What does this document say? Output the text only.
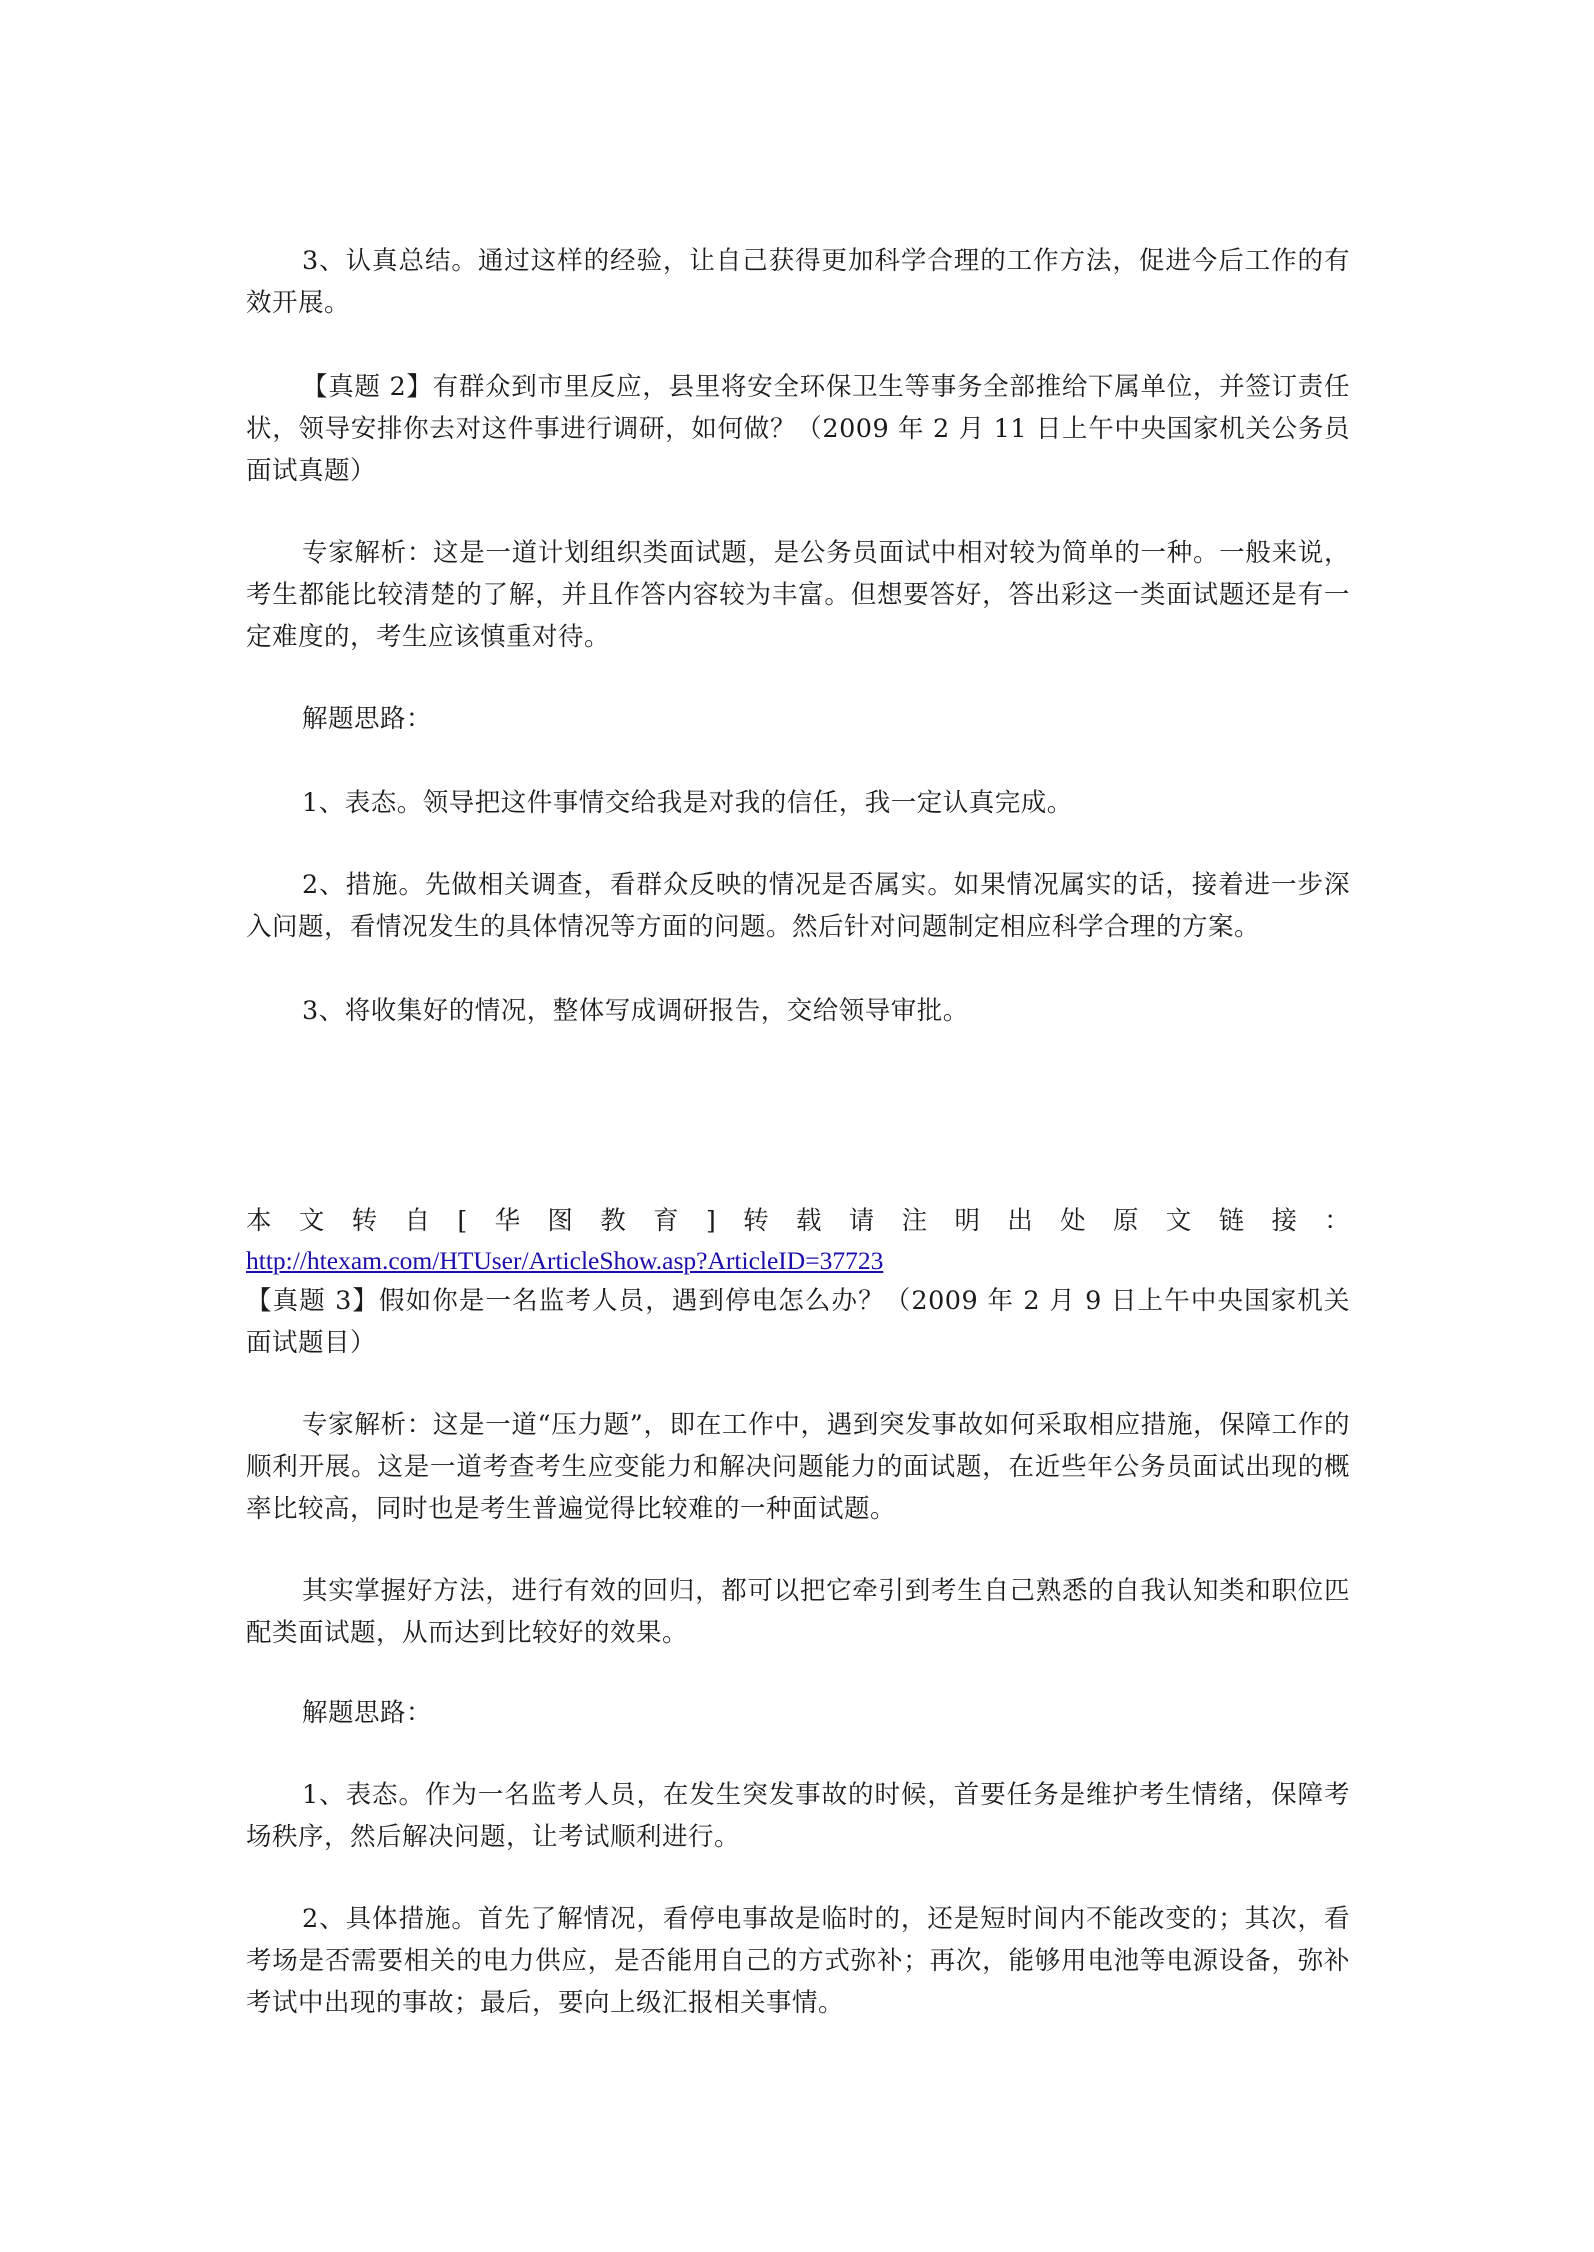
3、认真总结。通过这样的经验，让自己获得更加科学合理的工作方法，促进今后工作的有效开展。

【真题 2】有群众到市里反应，县里将安全环保卫生等事务全部推给下属单位，并签订责任状，领导安排你去对这件事进行调研，如何做？（2009 年 2 月 11 日上午中央国家机关公务员面试真题）

专家解析：这是一道计划组织类面试题，是公务员面试中相对较为简单的一种。一般来说，考生都能比较清楚的了解，并且作答内容较为丰富。但想要答好，答出彩这一类面试题还是有一定难度的，考生应该慎重对待。

解题思路：

1、表态。领导把这件事情交给我是对我的信任，我一定认真完成。

2、措施。先做相关调查，看群众反映的情况是否属实。如果情况属实的话，接着进一步深入问题，看情况发生的具体情况等方面的问题。然后针对问题制定相应科学合理的方案。

3、将收集好的情况，整体写成调研报告，交给领导审批。

本 文 转 自 [ 华 图 教 育 ] 转 载 请 注 明 出 处 原 文 链 接 ：
http://htexam.com/HTUser/ArticleShow.asp?ArticleID=37723

【真题 3】假如你是一名监考人员，遇到停电怎么办？（2009 年 2 月 9 日上午中央国家机关面试题目）

专家解析：这是一道“压力题”，即在工作中，遇到突发事故如何采取相应措施，保障工作的顺利开展。这是一道考查考生应变能力和解决问题能力的面试题，在近些年公务员面试出现的概率比较高，同时也是考生普遍觉得比较难的一种面试题。

其实掌握好方法，进行有效的回归，都可以把它牵引到考生自己熟悉的自我认知类和职位匹配类面试题，从而达到比较好的效果。

解题思路：

1、表态。作为一名监考人员，在发生突发事故的时候，首要任务是维护考生情绪，保障考场秩序，然后解决问题，让考试顺利进行。

2、具体措施。首先了解情况，看停电事故是临时的，还是短时间内不能改变的；其次，看考场是否需要相关的电力供应，是否能用自己的方式弥补；再次，能够用电池等电源设备，弥补考试中出现的事故；最后，要向上级汇报相关事情。
